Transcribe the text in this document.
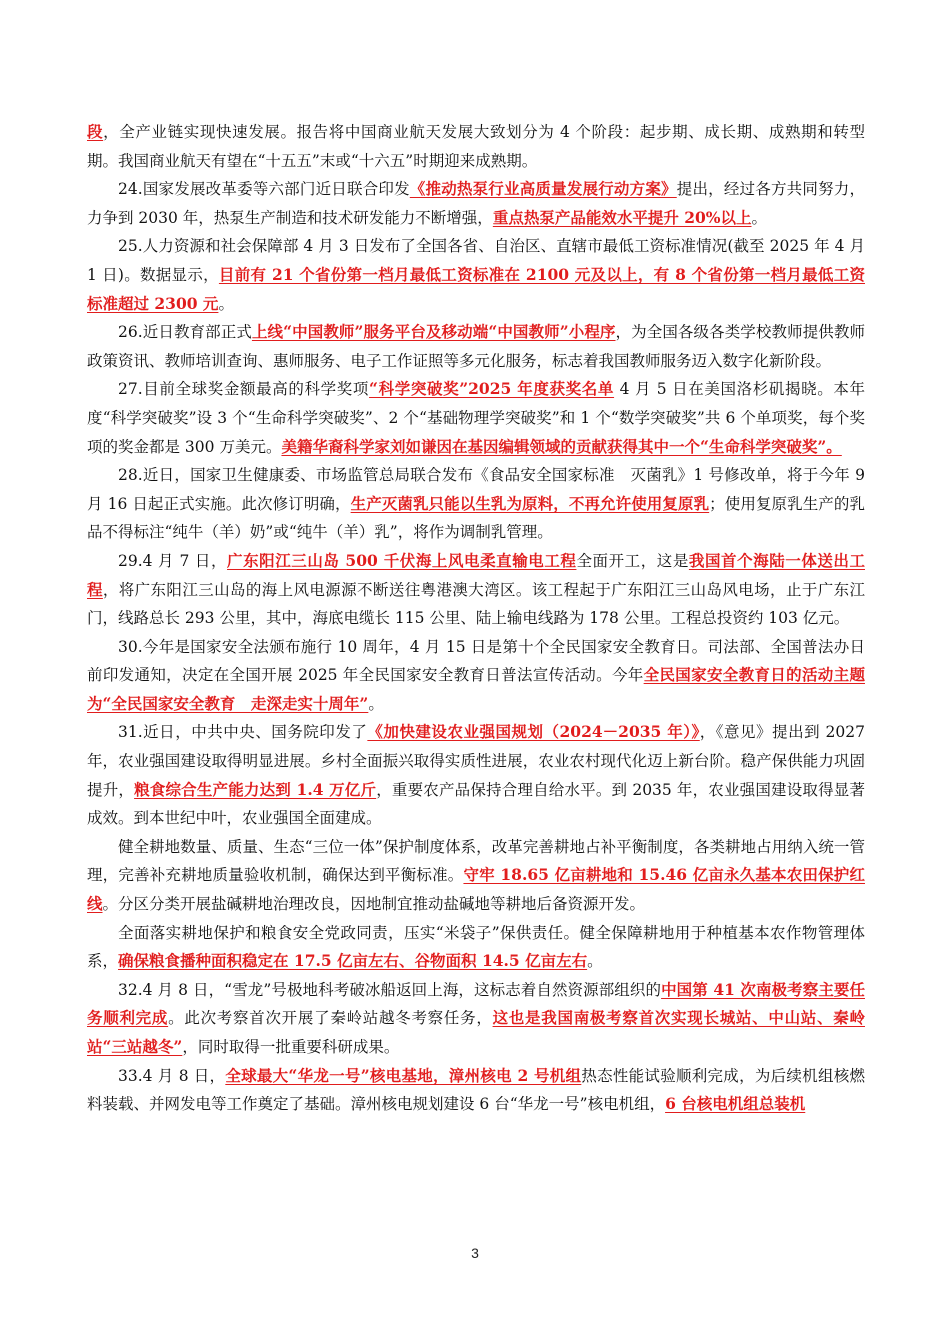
段，全产业链实现快速发展。报告将中国商业航天发展大致划分为 4 个阶段：起步期、成长期、成熟期和转型期。我国商业航天有望在“十五五”末或“十六五”时期迎来成熟期。

24.国家发展改革委等六部门近日联合印发《推动热泵行业高质量发展行动方案》提出，经过各方共同努力，力争到 2030 年，热泵生产制造和技术研发能力不断增强，重点热泵产品能效水平提升 20%以上。

25.人力资源和社会保障部 4 月 3 日发布了全国各省、自治区、直辖市最低工资标准情况(截至 2025 年 4 月 1 日)。数据显示，目前有 21 个省份第一档月最低工资标准在 2100 元及以上，有 8 个省份第一档月最低工资标准超过 2300 元。

26.近日教育部正式上线“中国教师”服务平台及移动端“中国教师”小程序，为全国各级各类学校教师提供教师政策资讯、教师培训查询、惠师服务、电子工作证照等多元化服务，标志着我国教师服务迈入数字化新阶段。

27.目前全球奖金额最高的科学奖项“科学突破奖”2025 年度获奖名单 4 月 5 日在美国洛杉矶揭晓。本年度“科学突破奖”设 3 个“生命科学突破奖”、2 个“基础物理学突破奖”和 1 个“数学突破奖”共 6 个单项奖，每个奖项的奖金都是 300 万美元。美籍华裔科学家刘如谦因在基因编辑领域的贡献获得其中一个“生命科学突破奖”。

28.近日，国家卫生健康委、市场监管总局联合发布《食品安全国家标准　灭菌乳》1 号修改单，将于今年 9 月 16 日起正式实施。此次修订明确，生产灭菌乳只能以生乳为原料，不再允许使用复原乳；使用复原乳生产的乳品不得标注“纯牛（羊）奶”或“纯牛（羊）乳”，将作为调制乳管理。

29.4 月 7 日，广东阳江三山岛 500 千伏海上风电柔直输电工程全面开工，这是我国首个海陆一体送出工程，将广东阳江三山岛的海上风电源源不断送往粤港澳大湾区。该工程起于广东阳江三山岛风电场，止于广东江门，线路总长 293 公里，其中，海底电缆长 115 公里、陆上输电线路为 178 公里。工程总投资约 103 亿元。

30.今年是国家安全法颁布施行 10 周年，4 月 15 日是第十个全民国家安全教育日。司法部、全国普法办日前印发通知，决定在全国开展 2025 年全民国家安全教育日普法宣传活动。今年全民国家安全教育日的活动主题为“全民国家安全教育　走深走实十周年”。

31.近日，中共中央、国务院印发了《加快建设农业强国规划（2024－2035 年）》，《意见》提出到 2027 年，农业强国建设取得明显进展。乡村全面振兴取得实质性进展，农业农村现代化迈上新台阶。稳产保供能力巩固提升，粮食综合生产能力达到 1.4 万亿斤，重要农产品保持合理自给水平。到 2035 年，农业强国建设取得显著成效。到本世纪中叶，农业强国全面建成。

健全耕地数量、质量、生态“三位一体”保护制度体系，改革完善耕地占补平衡制度，各类耕地占用纳入统一管理，完善补充耕地质量验收机制，确保达到平衡标准。守牢 18.65 亿亩耕地和 15.46 亿亩永久基本农田保护红线。分区分类开展盐碱耕地治理改良，因地制宜推动盐碱地等耕地后备资源开发。

全面落实耕地保护和粮食安全党政同责，压实“米袋子”保供责任。健全保障耕地用于种植基本农作物管理体系，确保粮食播种面积稳定在 17.5 亿亩左右、谷物面积 14.5 亿亩左右。

32.4 月 8 日，“雪龙”号极地科考破冰船返回上海，这标志着自然资源部组织的中国第 41 次南极考察主要任务顺利完成。此次考察首次开展了秦岭站越冬考察任务，这也是我国南极考察首次实现长城站、中山站、秦岭站“三站越冬”，同时取得一批重要科研成果。

33.4 月 8 日，全球最大“华龙一号”核电基地，漳州核电 2 号机组热态性能试验顺利完成，为后续机组核燃料装载、并网发电等工作奠定了基础。漳州核电规划建设 6 台“华龙一号”核电机组，6 台核电机组总装机

3
